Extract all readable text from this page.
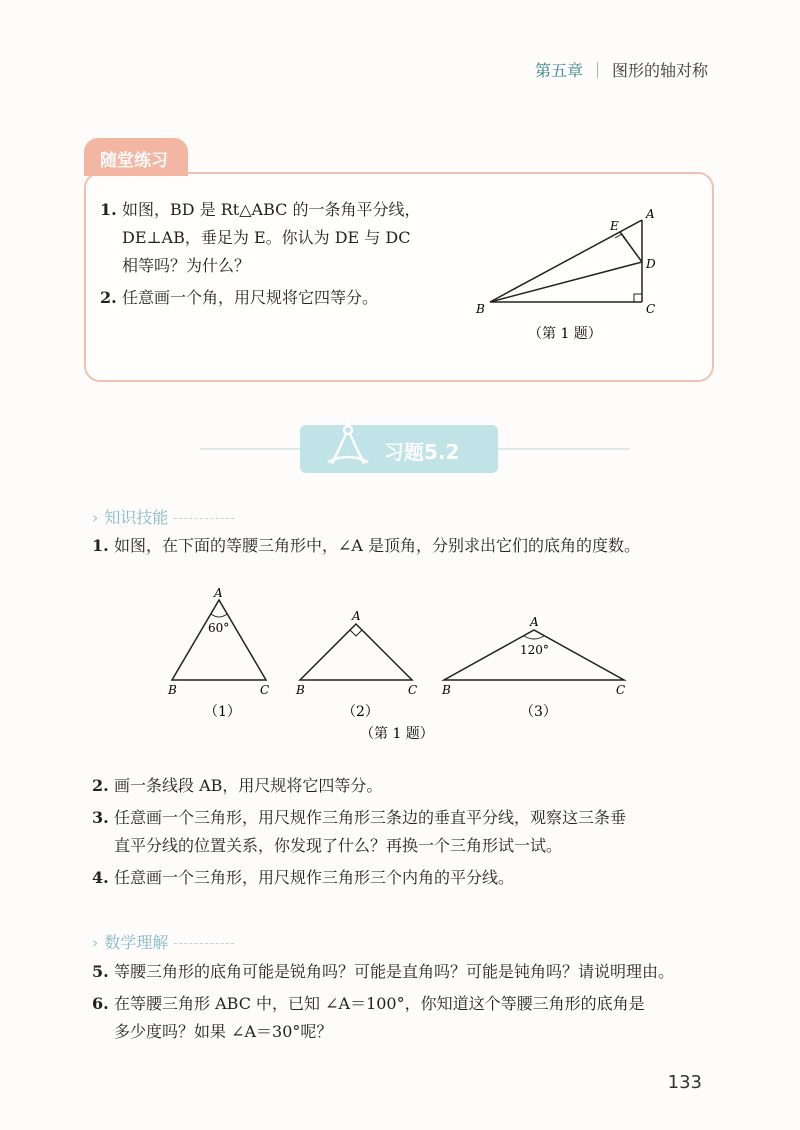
第五章 图形的轴对称
随堂练习
1. 如图，BD 是 Rt△ABC 的一条角平分线，
DE⊥AB，垂足为 E。你认为 DE 与 DC
相等吗？为什么？
2. 任意画一个角，用尺规将它四等分。
B	C
A
D
E
（第 1 题）
习题5.2
› 知识技能
1. 如图，在下面的等腰三角形中，∠A 是顶角，分别求出它们的底角的度数。
A
60°
B	C
（1）
A
B	C
（2）
A
120°
B	C
（3）
（第 1 题）
2. 画一条线段 AB，用尺规将它四等分。
3. 任意画一个三角形，用尺规作三角形三条边的垂直平分线，观察这三条垂
直平分线的位置关系，你发现了什么？再换一个三角形试一试。
4. 任意画一个三角形，用尺规作三角形三个内角的平分线。
› 数学理解
5. 等腰三角形的底角可能是锐角吗？可能是直角吗？可能是钝角吗？请说明理由。
6. 在等腰三角形 ABC 中，已知 ∠A＝100°，你知道这个等腰三角形的底角是
多少度吗？如果 ∠A＝30°呢？
133
